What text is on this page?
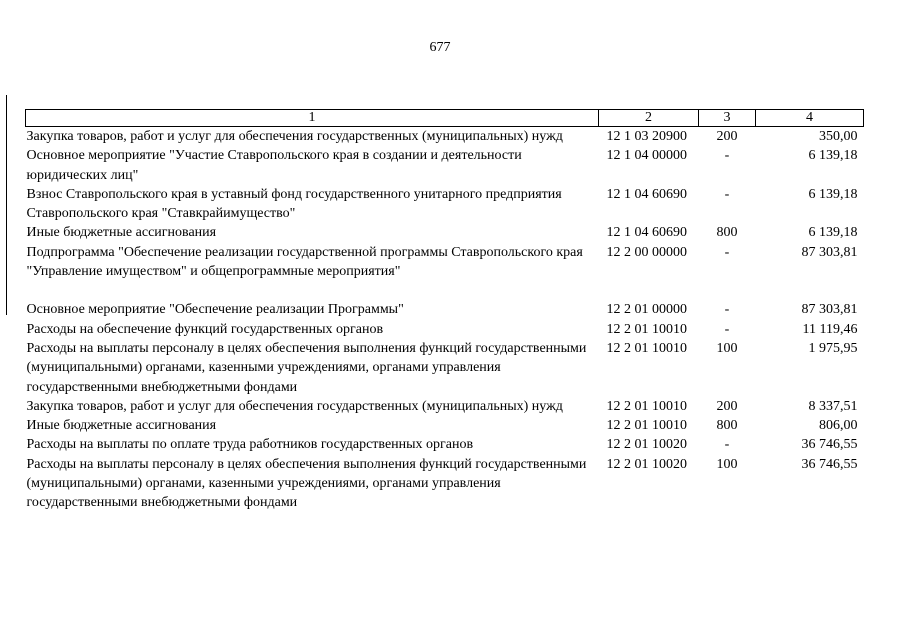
677
1	2	3	4
Закупка товаров, работ и услуг для обеспечения государственных (муниципальных) нужд	12 1 03 20900	200	350,00
Основное мероприятие "Участие Ставропольского края в создании и деятельности юридических лиц"	12 1 04 00000	-	6 139,18
Взнос Ставропольского края в уставный фонд государственного унитарного предприятия Ставропольского края "Ставкрайимущество"	12 1 04 60690	-	6 139,18
Иные бюджетные ассигнования	12 1 04 60690	800	6 139,18
Подпрограмма "Обеспечение реализации государственной программы Ставропольского края "Управление имуществом" и общепрограммные мероприятия"	12 2 00 00000	-	87 303,81
Основное мероприятие "Обеспечение реализации Программы"	12 2 01 00000	-	87 303,81
Расходы на обеспечение функций государственных органов	12 2 01 10010	-	11 119,46
Расходы на выплаты персоналу в целях обеспечения выполнения функций государственными (муниципальными) органами, казенными учреждениями, органами управления государственными внебюджетными фондами	12 2 01 10010	100	1 975,95
Закупка товаров, работ и услуг для обеспечения государственных (муниципальных) нужд	12 2 01 10010	200	8 337,51
Иные бюджетные ассигнования	12 2 01 10010	800	806,00
Расходы на выплаты по оплате труда работников государственных органов	12 2 01 10020	-	36 746,55
Расходы на выплаты персоналу в целях обеспечения выполнения функций государственными (муниципальными) органами, казенными учреждениями, органами управления государственными внебюджетными фондами	12 2 01 10020	100	36 746,55
